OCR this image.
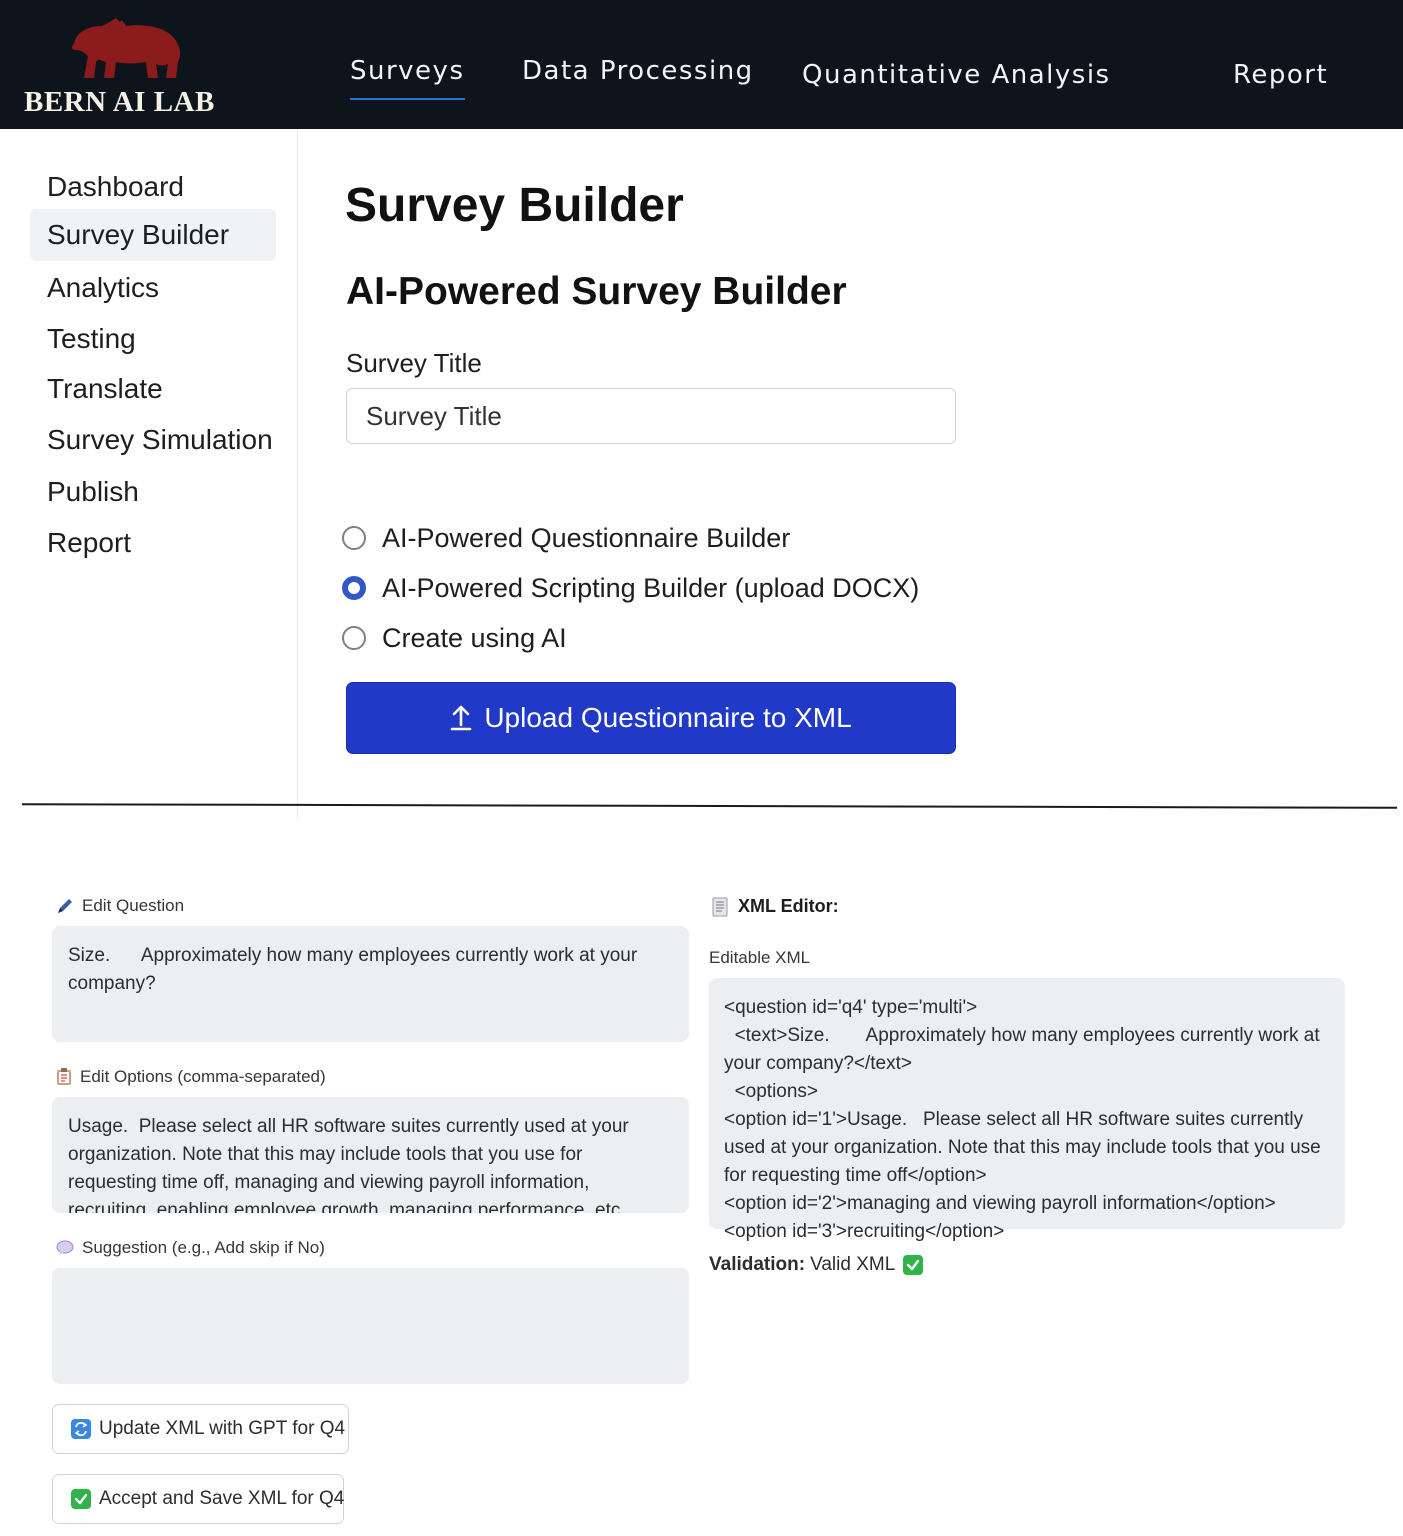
BERN AI LAB
Surveys Data Processing Quantitative Analysis	Report
Dashboard
Survey Builder
Analytics
Testing
Translate
Survey Simulation
Publish
Report
Survey Builder
AI-Powered Survey Builder
Survey Title
Survey Title
AI-Powered Questionnaire Builder
AI-Powered Scripting Builder (upload DOCX)
Create using AI
Upload Questionnaire to XML
Edit Question
Size. Approximately how many employees currently work at your company?
Edit Options (comma-separated)
Usage. Please select all HR software suites currently used at your organization. Note that this may include tools that you use for requesting time off, managing and viewing payroll information, recruiting, enabling employee growth, managing performance, etc.
Suggestion (e.g., Add skip if No)
Update XML with GPT for Q4
Accept and Save XML for Q4
XML Editor:
Editable XML
<question id='q4' type='multi'>
<text>Size.       Approximately how many employees currently work at your company?</text>
<options>
<option id='1'>Usage.   Please select all HR software suites currently used at your organization. Note that this may include tools that you use for requesting time off</option>
<option id='2'>managing and viewing payroll information</option>
<option id='3'>recruiting</option>
Validation: Valid XML
